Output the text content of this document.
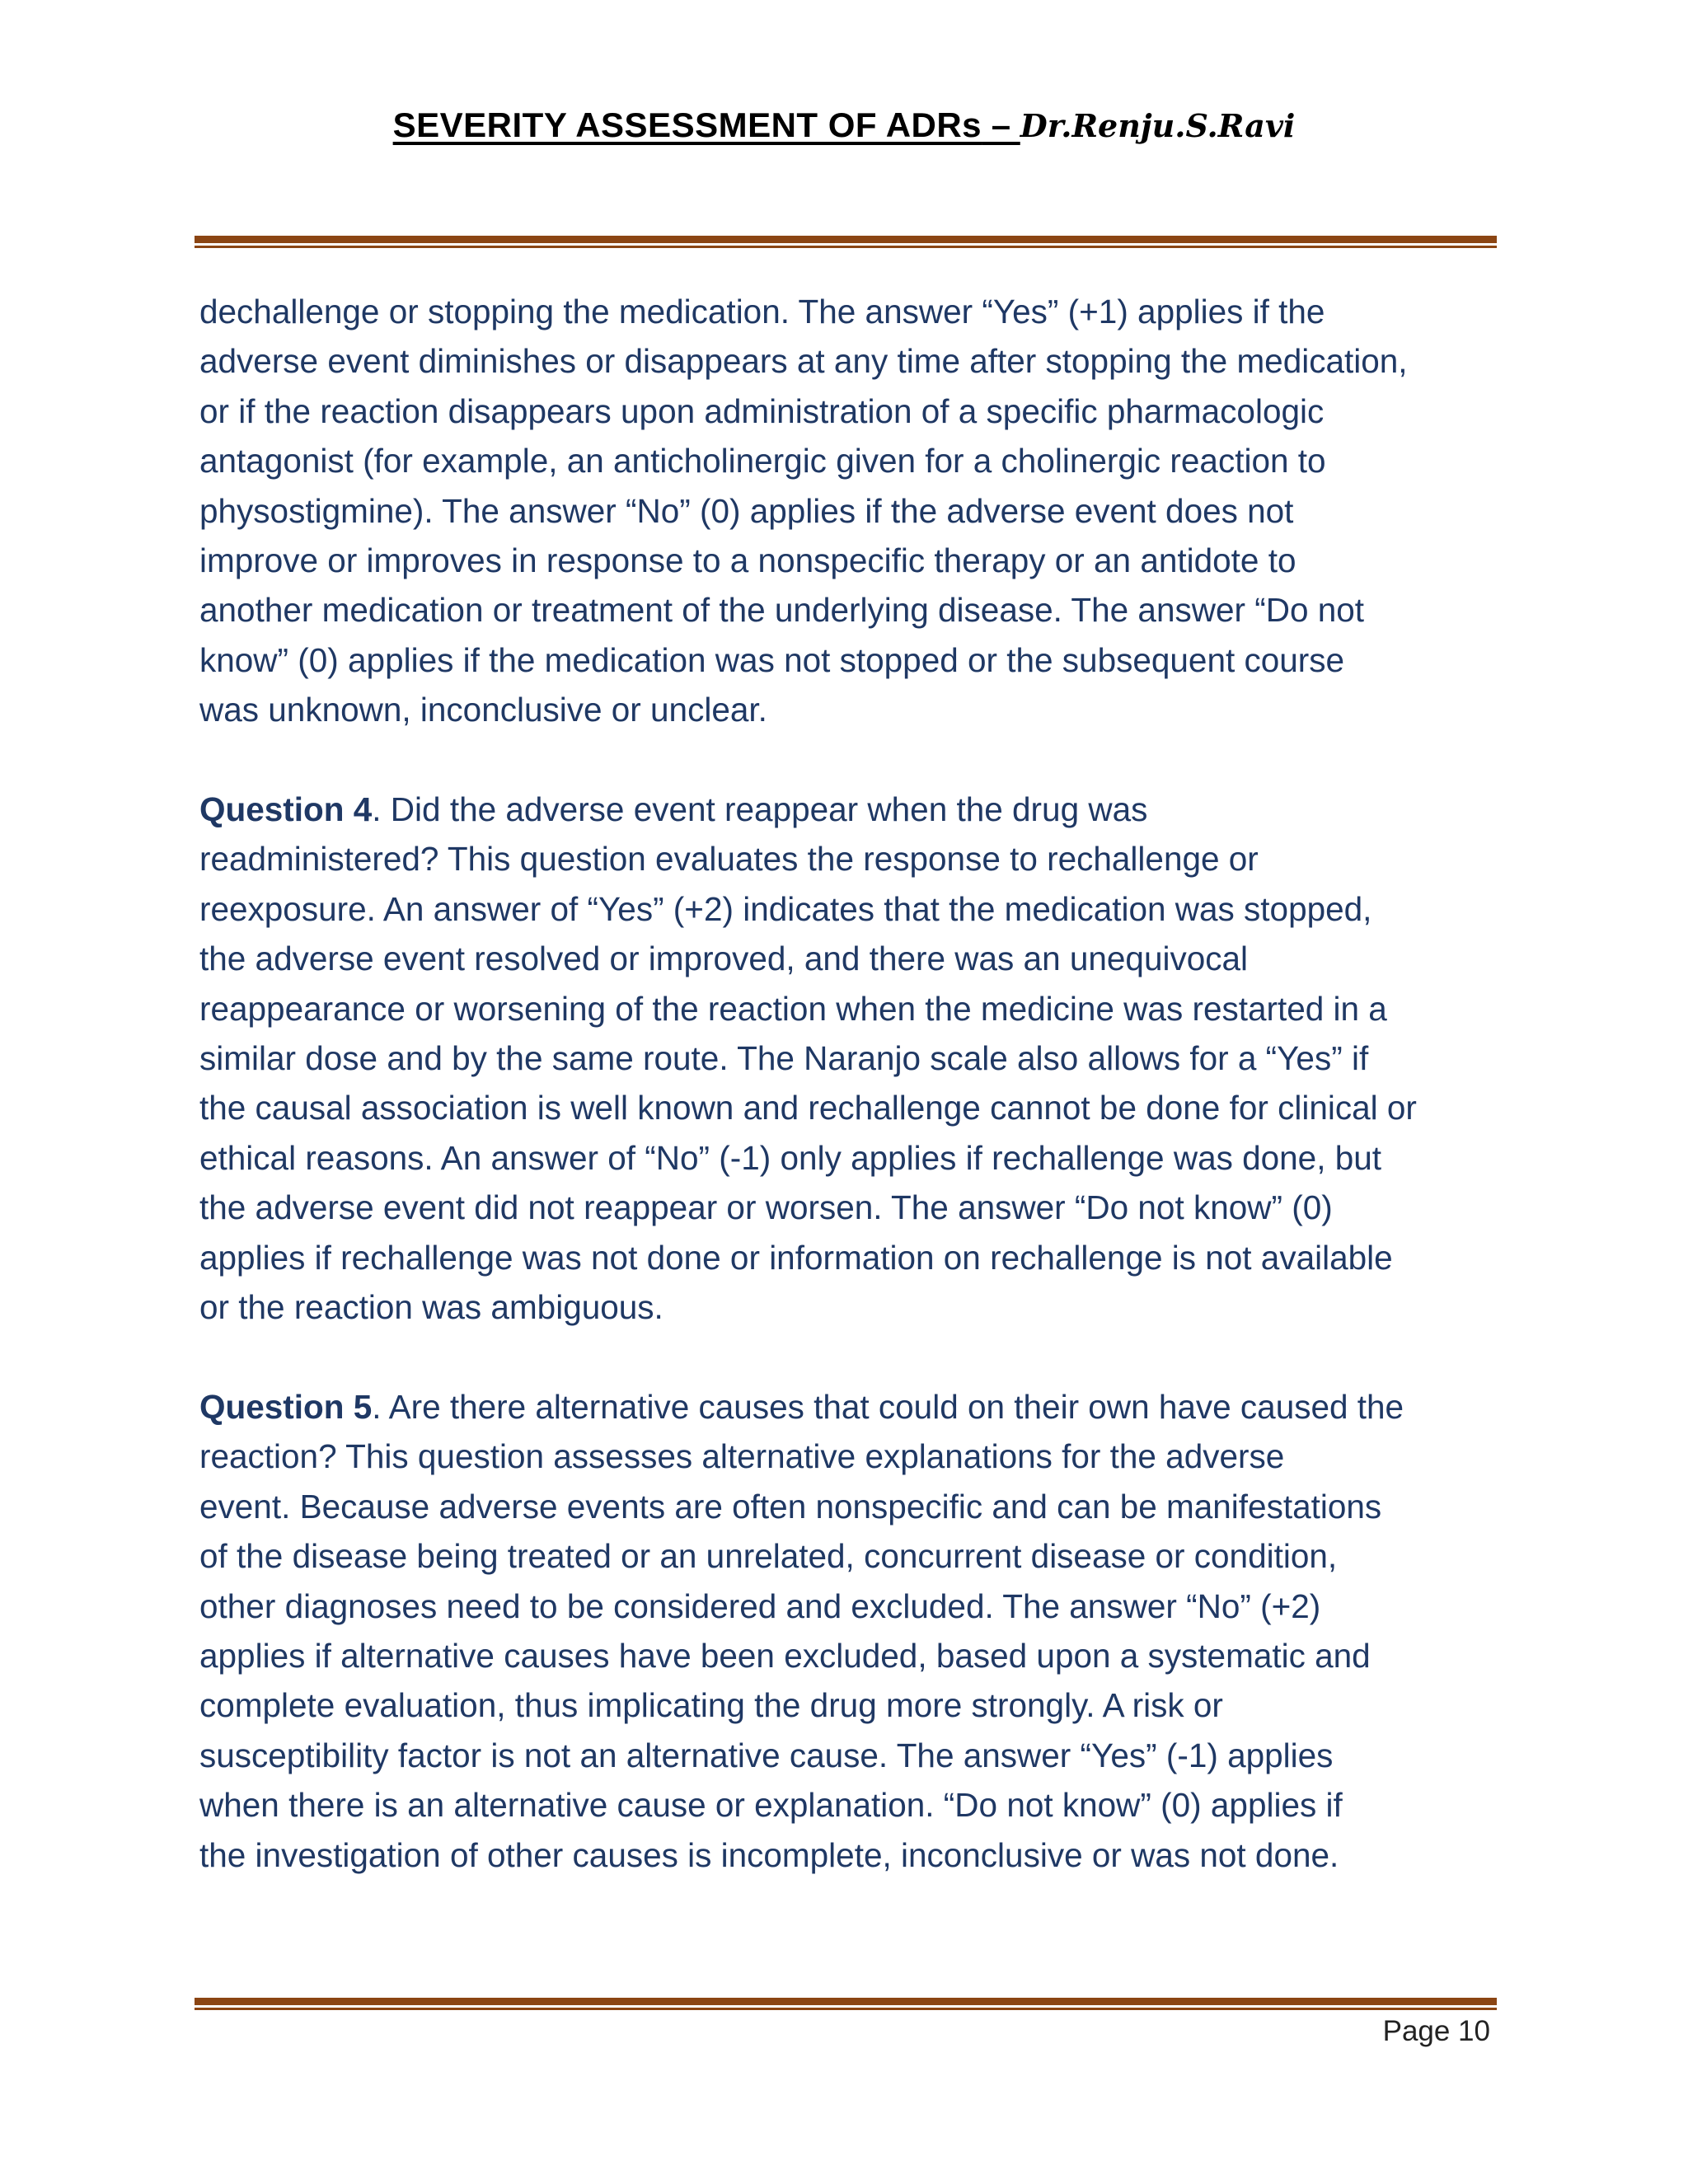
SEVERITY ASSESSMENT OF ADRs – Dr.Renju.S.Ravi

dechallenge or stopping the medication. The answer “Yes” (+1) applies if the
adverse event diminishes or disappears at any time after stopping the medication,
or if the reaction disappears upon administration of a specific pharmacologic
antagonist (for example, an anticholinergic given for a cholinergic reaction to
physostigmine). The answer “No” (0) applies if the adverse event does not
improve or improves in response to a nonspecific therapy or an antidote to
another medication or treatment of the underlying disease. The answer “Do not
know” (0) applies if the medication was not stopped or the subsequent course
was unknown, inconclusive or unclear.

Question 4. Did the adverse event reappear when the drug was
readministered? This question evaluates the response to rechallenge or
reexposure. An answer of “Yes” (+2) indicates that the medication was stopped,
the adverse event resolved or improved, and there was an unequivocal
reappearance or worsening of the reaction when the medicine was restarted in a
similar dose and by the same route. The Naranjo scale also allows for a “Yes” if
the causal association is well known and rechallenge cannot be done for clinical or
ethical reasons. An answer of “No” (-1) only applies if rechallenge was done, but
the adverse event did not reappear or worsen. The answer “Do not know” (0)
applies if rechallenge was not done or information on rechallenge is not available
or the reaction was ambiguous.

Question 5. Are there alternative causes that could on their own have caused the
reaction? This question assesses alternative explanations for the adverse
event. Because adverse events are often nonspecific and can be manifestations
of the disease being treated or an unrelated, concurrent disease or condition,
other diagnoses need to be considered and excluded. The answer “No” (+2)
applies if alternative causes have been excluded, based upon a systematic and
complete evaluation, thus implicating the drug more strongly. A risk or
susceptibility factor is not an alternative cause. The answer “Yes” (-1) applies
when there is an alternative cause or explanation. “Do not know” (0) applies if
the investigation of other causes is incomplete, inconclusive or was not done.

Page 10
